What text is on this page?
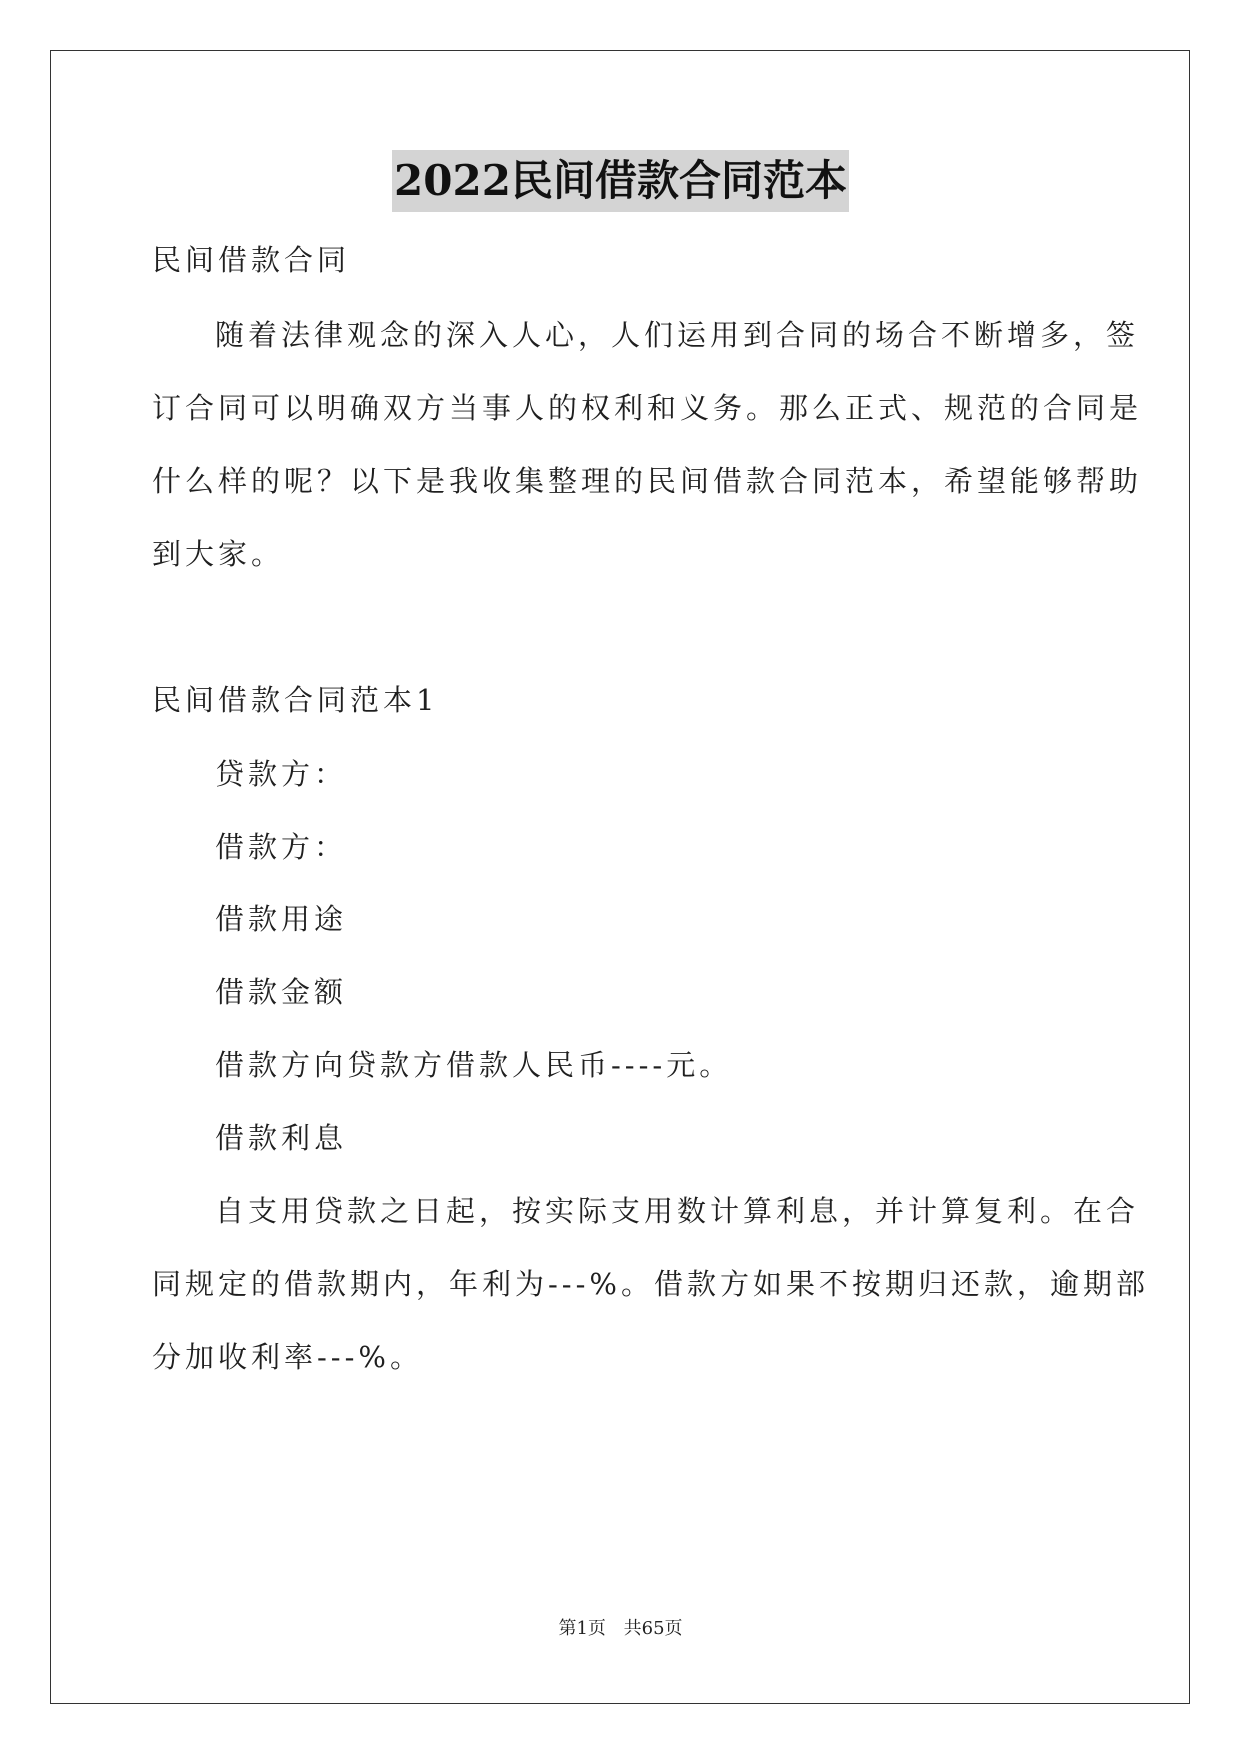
2022民间借款合同范本
民间借款合同
随着法律观念的深入人心，人们运用到合同的场合不断增多，签
订合同可以明确双方当事人的权利和义务。那么正式、规范的合同是
什么样的呢？以下是我收集整理的民间借款合同范本，希望能够帮助
到大家。
民间借款合同范本1
贷款方：
借款方：
借款用途
借款金额
借款方向贷款方借款人民币----元。
借款利息
自支用贷款之日起，按实际支用数计算利息，并计算复利。在合
同规定的借款期内，年利为---%。借款方如果不按期归还款，逾期部
分加收利率---%。
第1页 共65页
